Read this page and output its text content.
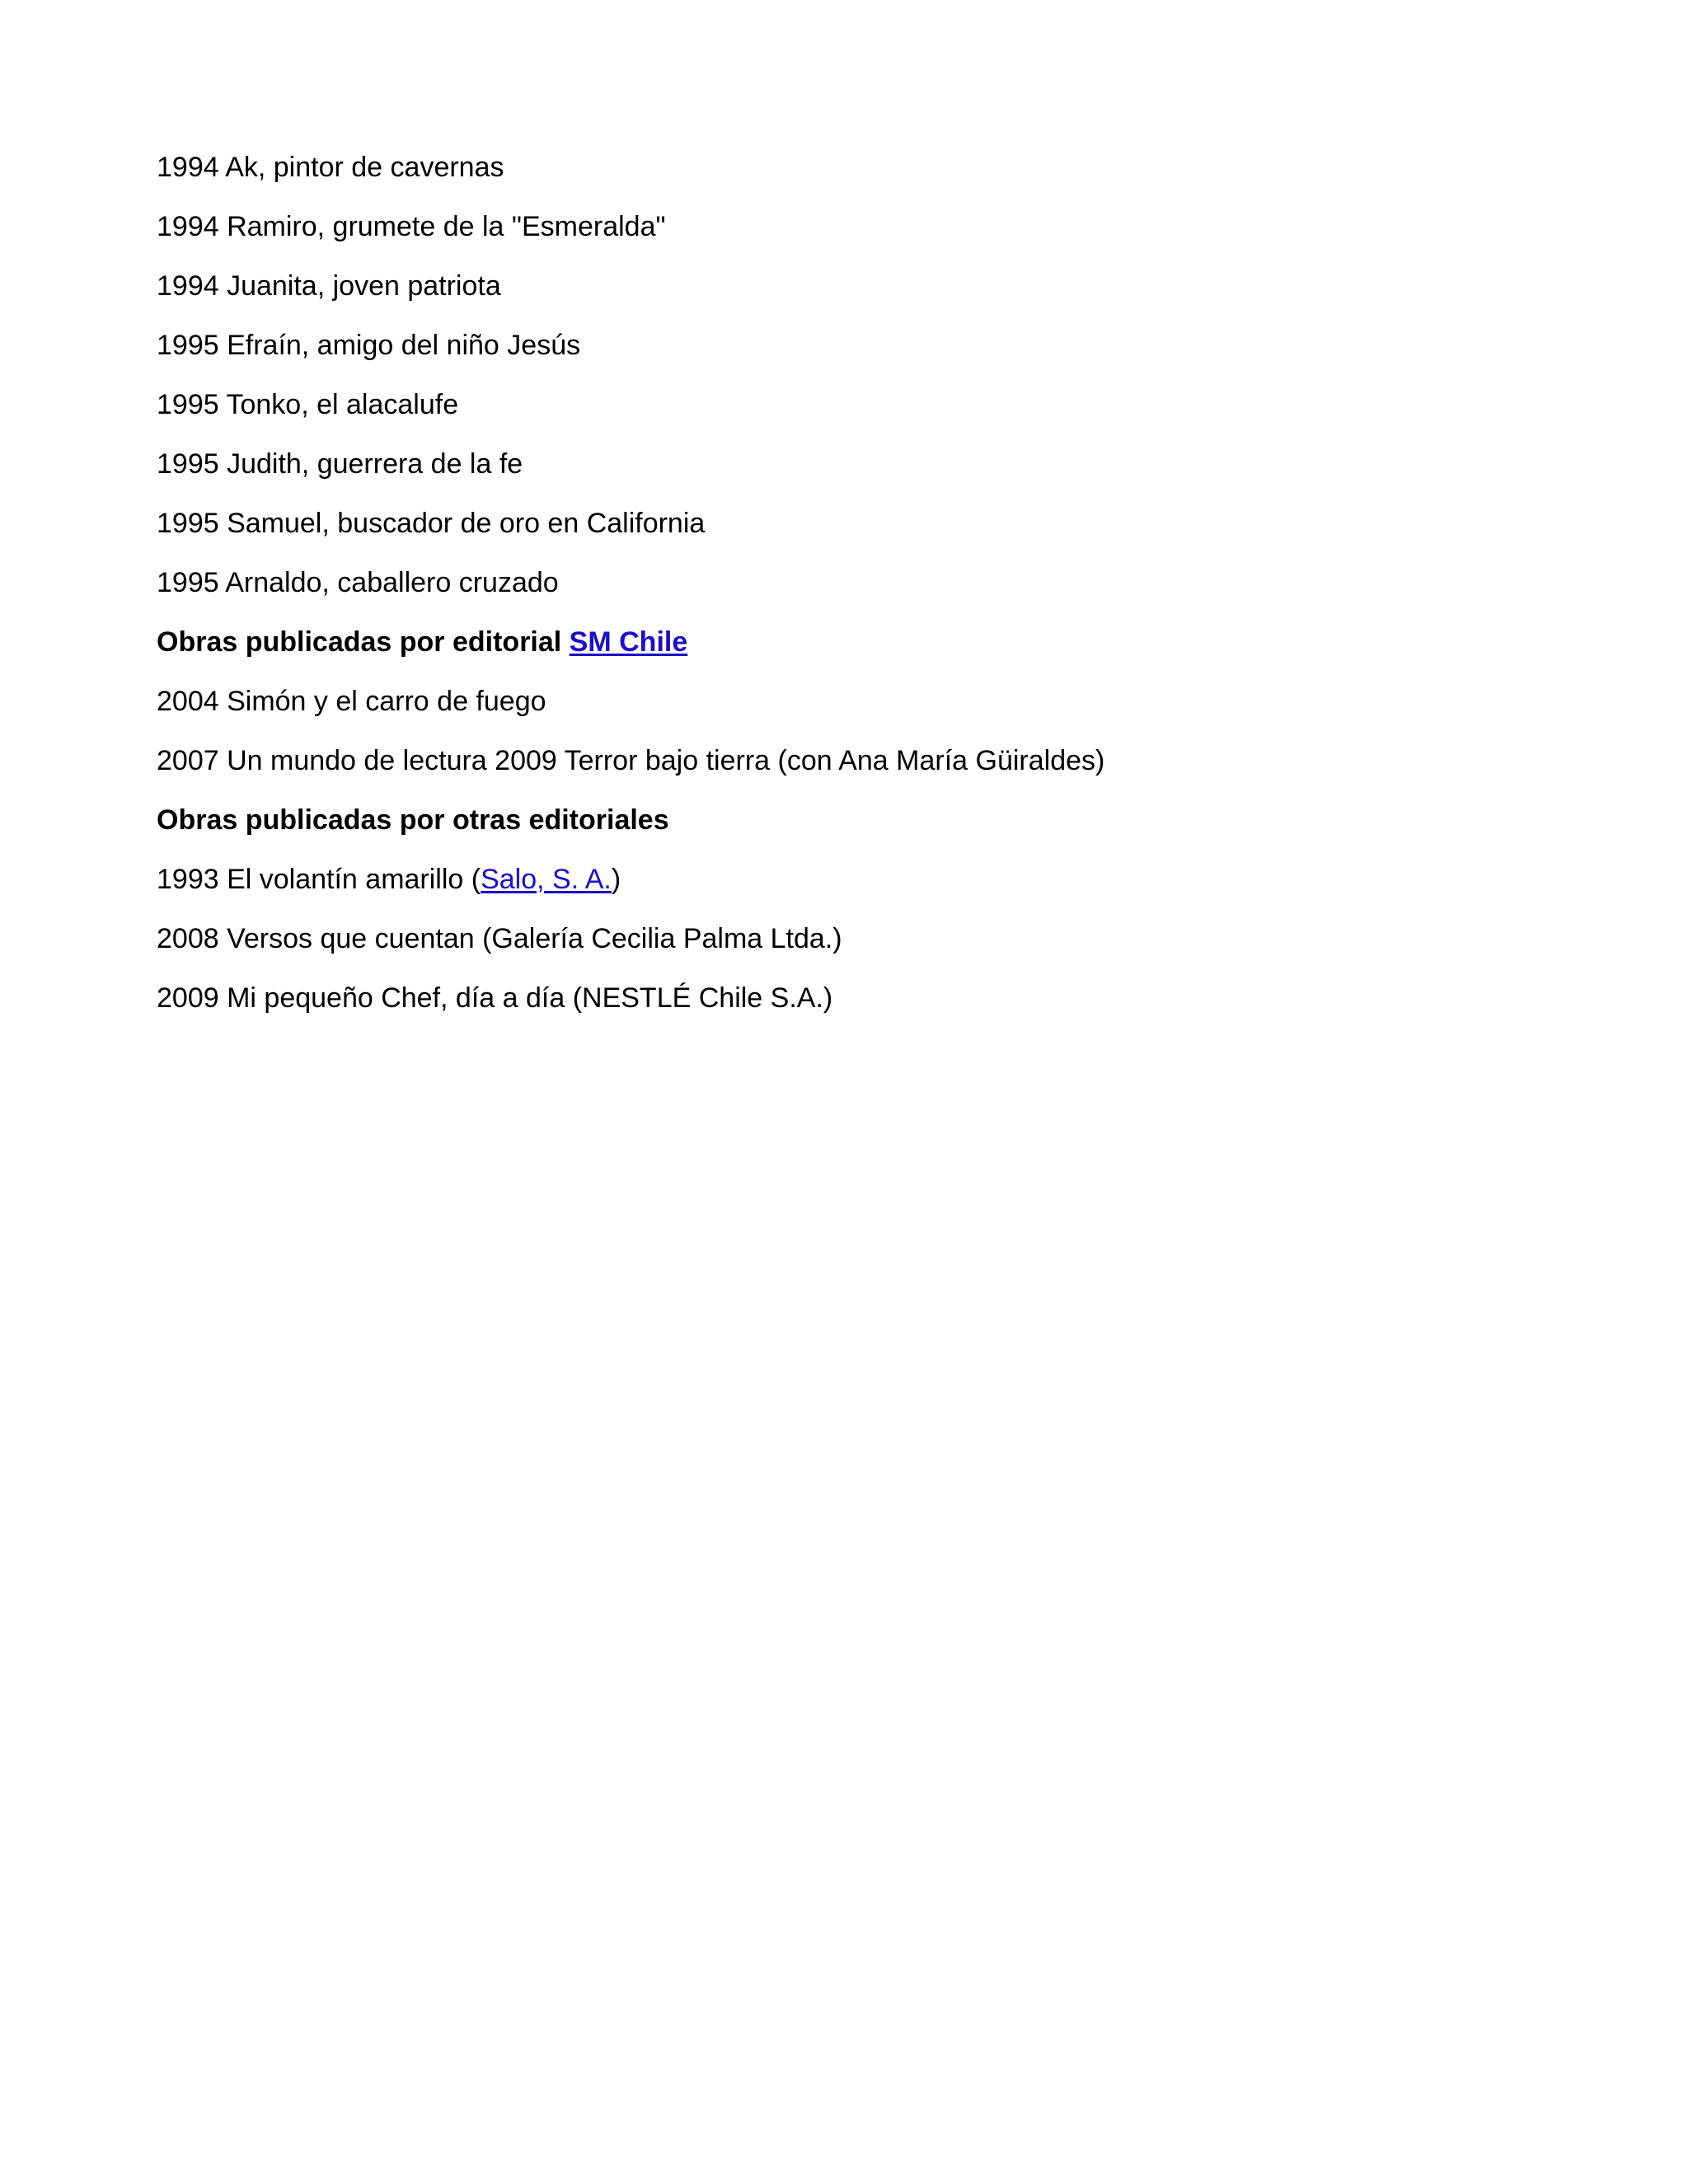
1994 Ak, pintor de cavernas
1994 Ramiro, grumete de la "Esmeralda"
1994 Juanita, joven patriota
1995 Efraín, amigo del niño Jesús
1995 Tonko, el alacalufe
1995 Judith, guerrera de la fe
1995 Samuel, buscador de oro en California
1995 Arnaldo, caballero cruzado
Obras publicadas por editorial SM Chile
2004 Simón y el carro de fuego
2007 Un mundo de lectura 2009 Terror bajo tierra (con Ana María Güiraldes)
Obras publicadas por otras editoriales
1993 El volantín amarillo (Salo, S. A.)
2008 Versos que cuentan (Galería Cecilia Palma Ltda.)
2009 Mi pequeño Chef, día a día (NESTLÉ Chile S.A.)
